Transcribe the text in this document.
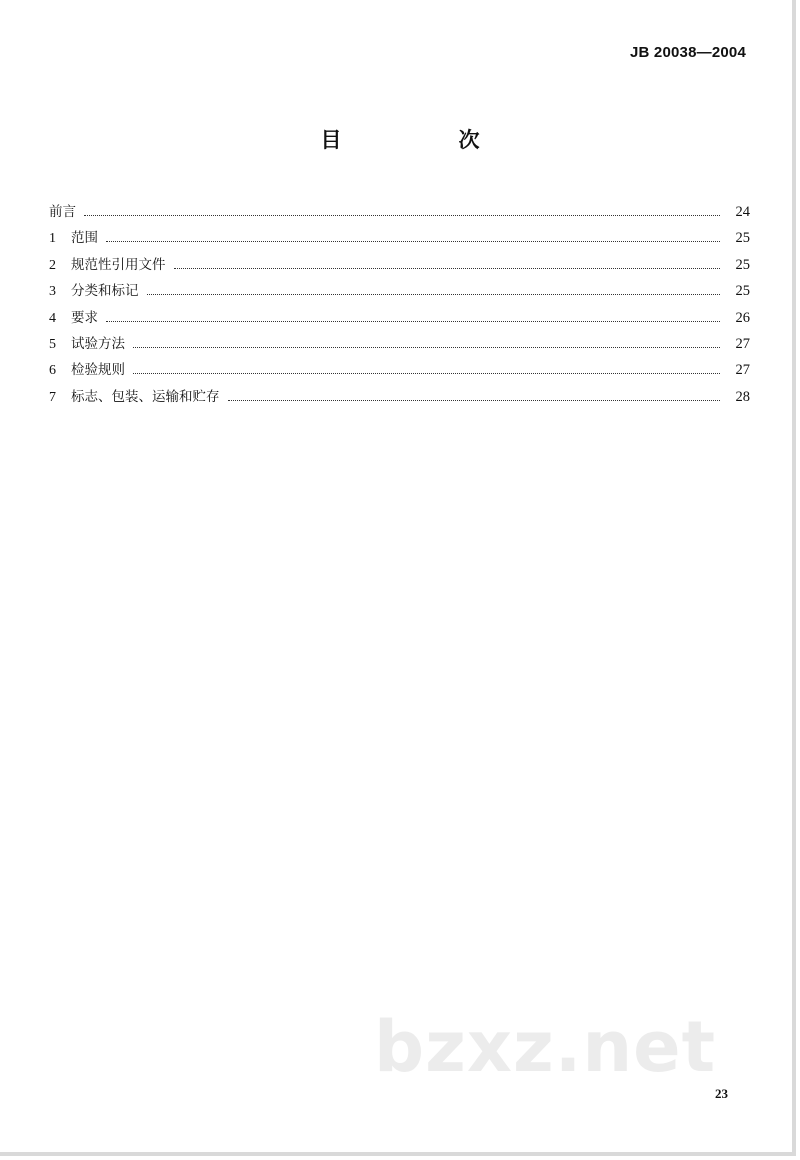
JB 20038—2004
目　次
前言	24
1	范围	25
2	规范性引用文件	25
3	分类和标记	25
4	要求	26
5	试验方法	27
6	检验规则	27
7	标志、包装、运输和贮存	28
bzxz.net
23
